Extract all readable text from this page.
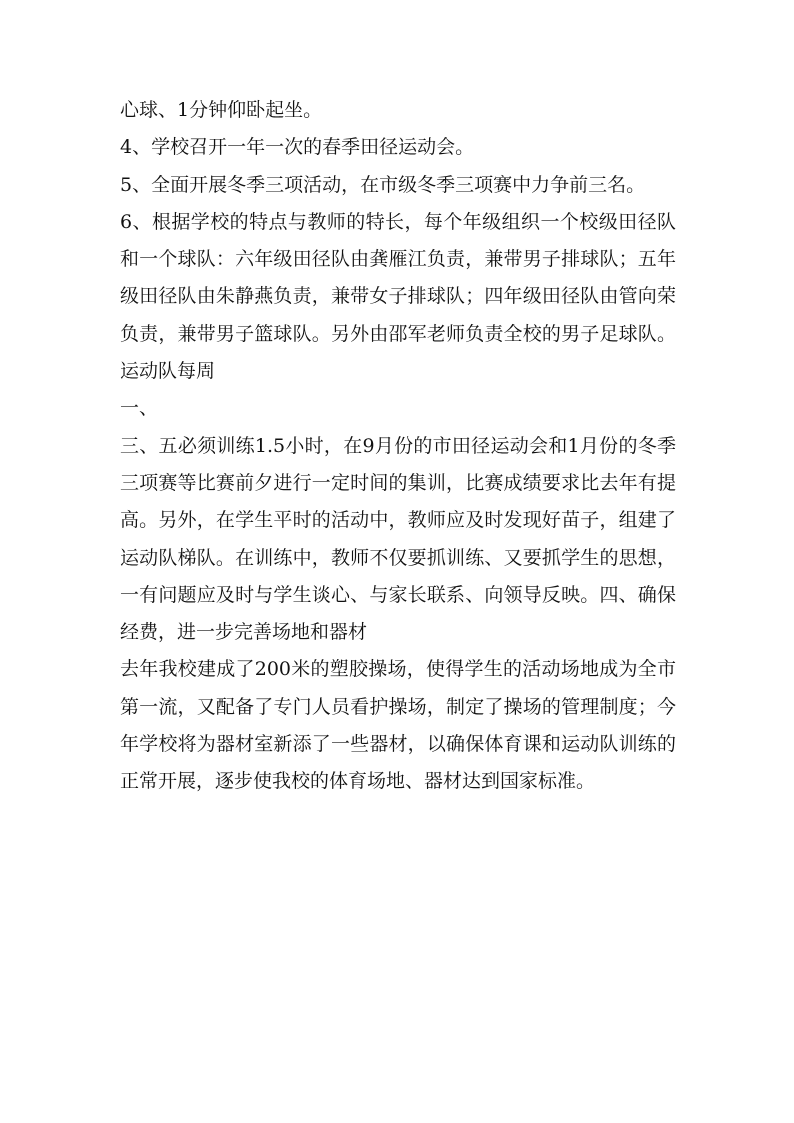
心球、1分钟仰卧起坐。

4、学校召开一年一次的春季田径运动会。

5、全面开展冬季三项活动，在市级冬季三项赛中力争前三名。

6、根据学校的特点与教师的特长，每个年级组织一个校级田径队和一个球队：六年级田径队由龚雁江负责，兼带男子排球队；五年级田径队由朱静燕负责，兼带女子排球队；四年级田径队由管向荣负责，兼带男子篮球队。另外由邵军老师负责全校的男子足球队。运动队每周

一、

三、五必须训练1.5小时，在9月份的市田径运动会和1月份的冬季三项赛等比赛前夕进行一定时间的集训，比赛成绩要求比去年有提高。另外，在学生平时的活动中，教师应及时发现好苗子，组建了运动队梯队。在训练中，教师不仅要抓训练、又要抓学生的思想，一有问题应及时与学生谈心、与家长联系、向领导反映。四、确保经费，进一步完善场地和器材

去年我校建成了200米的塑胶操场，使得学生的活动场地成为全市第一流，又配备了专门人员看护操场，制定了操场的管理制度；今年学校将为器材室新添了一些器材，以确保体育课和运动队训练的正常开展，逐步使我校的体育场地、器材达到国家标准。
